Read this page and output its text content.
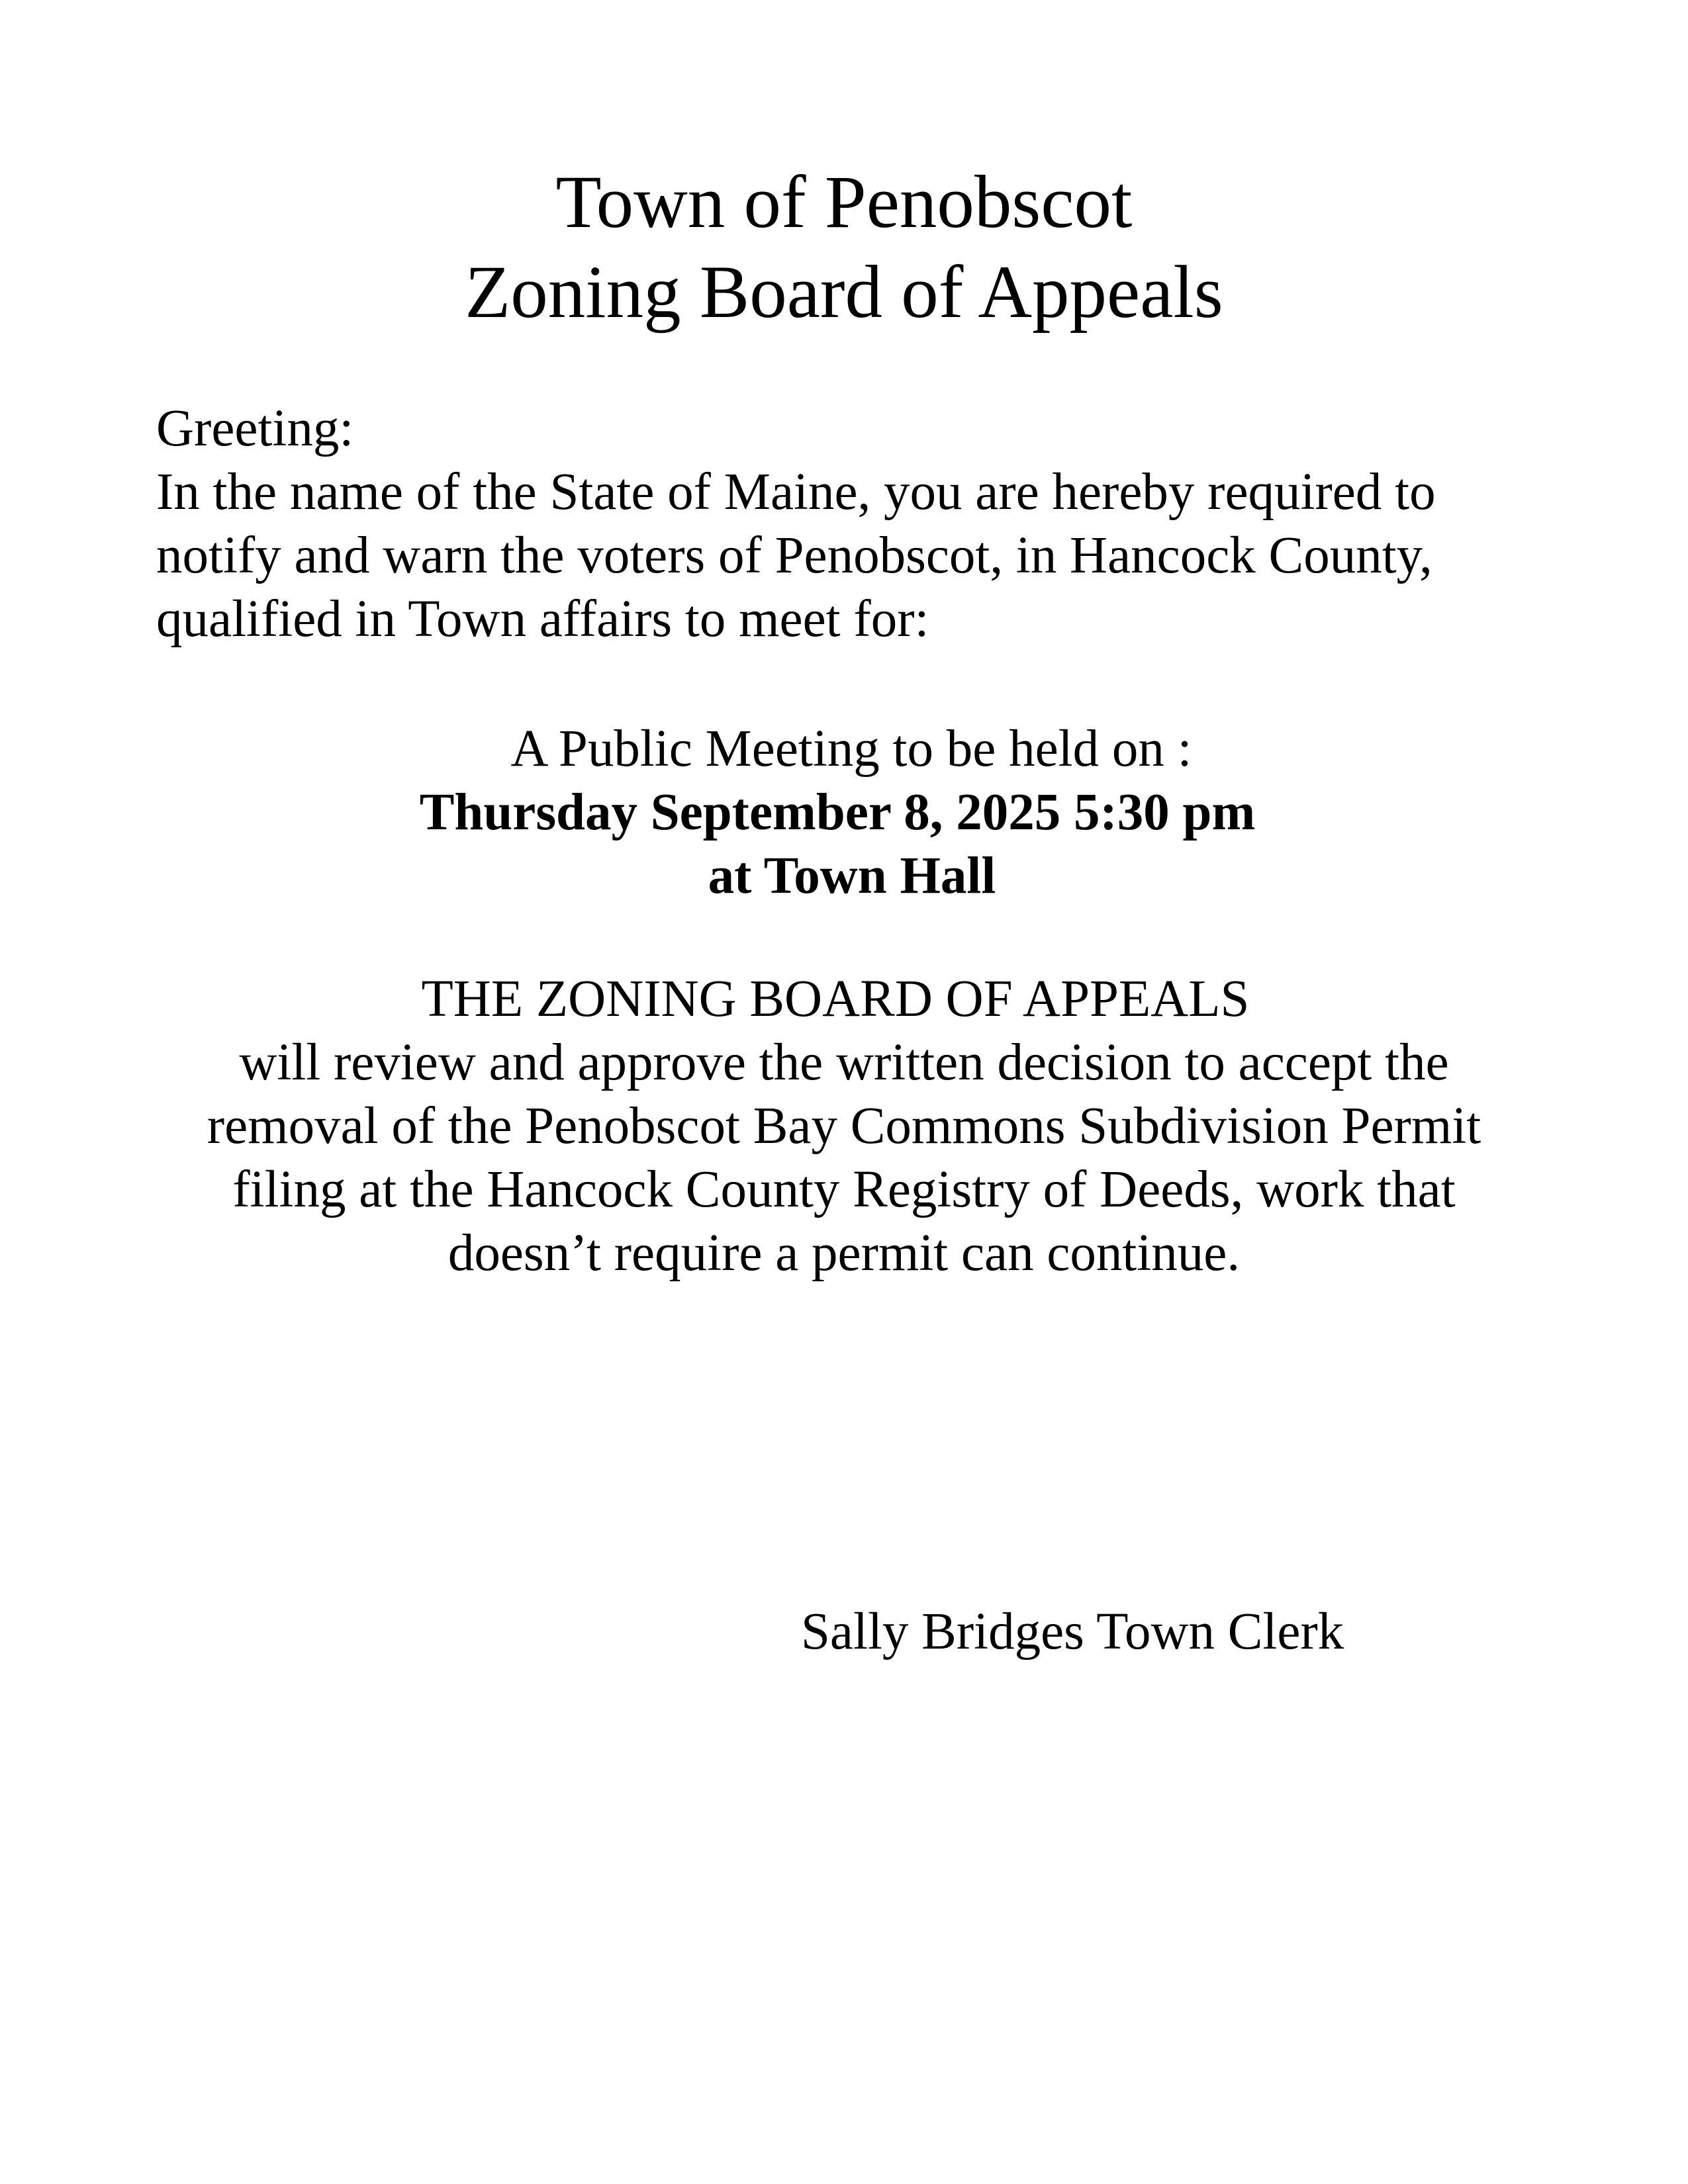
Town of Penobscot
Zoning Board of Appeals
Greeting:
In the name of the State of Maine, you are hereby required to
notify and warn the voters of Penobscot, in Hancock County,
qualified in Town affairs to meet for:
A Public Meeting to be held on :
Thursday September 8, 2025 5:30 pm
at Town Hall
THE ZONING BOARD OF APPEALS
will review and approve the written decision to accept the
removal of the Penobscot Bay Commons Subdivision Permit
filing at the Hancock County Registry of Deeds, work that
doesn’t require a permit can continue.
Sally Bridges Town Clerk
